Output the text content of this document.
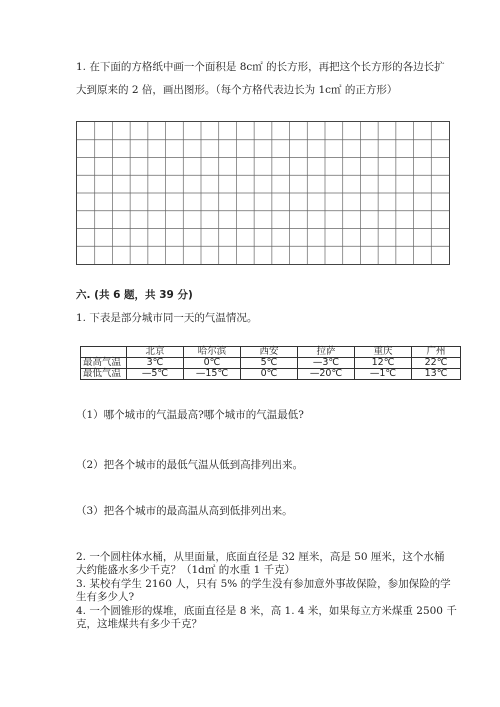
1. 在下面的方格纸中画一个面积是 8c㎡ 的长方形，再把这个长方形的各边长扩
大到原来的 2 倍，画出图形。（每个方格代表边长为 1c㎡ 的正方形）
六. (共 6 题，共 39 分)
1. 下表是部分城市同一天的气温情况。
	北京	哈尔滨	西安	拉萨	重庆	广州
最高气温	3℃	0℃	5℃	—3℃	12℃	22℃
最低气温	—5℃	—15℃	0℃	—20℃	—1℃	13℃
（1）哪个城市的气温最高?哪个城市的气温最低?
（2）把各个城市的最低气温从低到高排列出来。
（3）把各个城市的最高温从高到低排列出来。
2. 一个圆柱体水桶，从里面量，底面直径是 32 厘米，高是 50 厘米，这个水桶
大约能盛水多少千克？（1d㎡ 的水重 1 千克）
3. 某校有学生 2160 人，只有 5% 的学生没有参加意外事故保险，参加保险的学
生有多少人?
4. 一个圆锥形的煤堆，底面直径是 8 米，高 1. 4 米，如果每立方米煤重 2500 千
克，这堆煤共有多少千克？
